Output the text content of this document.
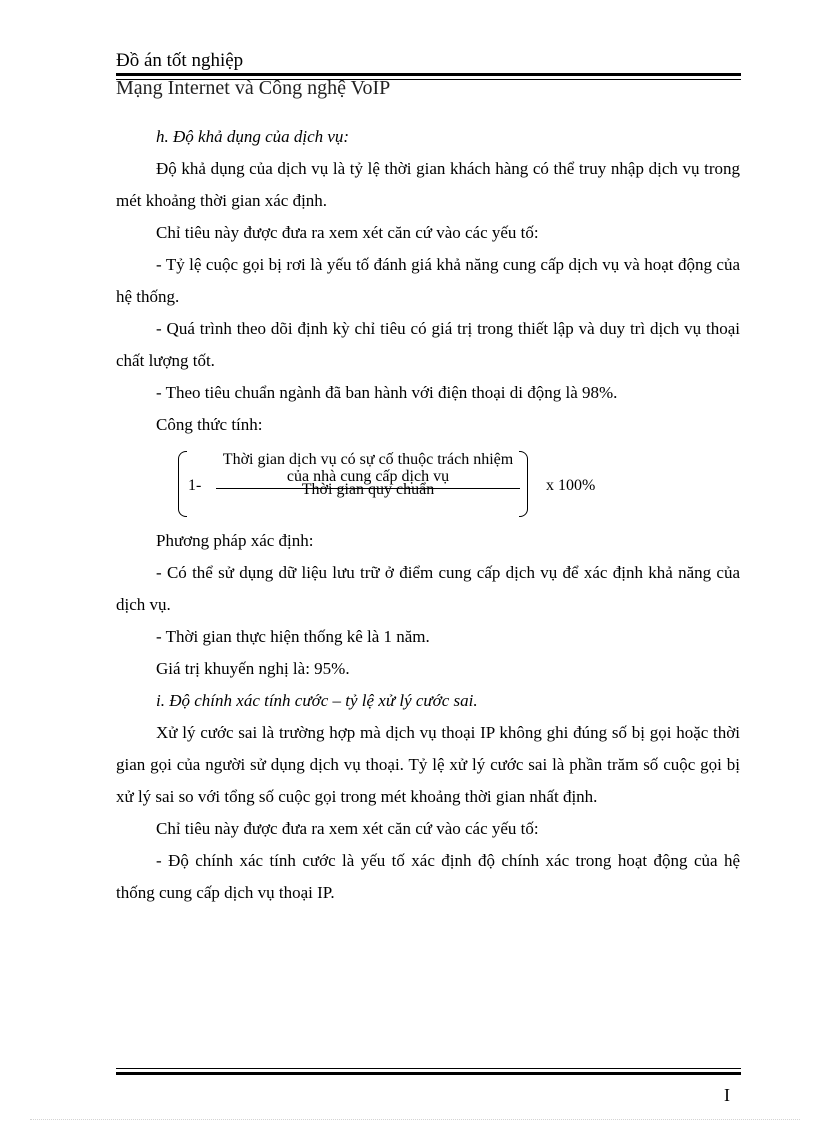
Đồ án tốt nghiệp
Mạng Internet và Công nghệ VoIP

h. Độ khả dụng của dịch vụ:

Độ khả dụng của dịch vụ là tỷ lệ thời gian khách hàng có thể truy nhập dịch vụ trong mét khoảng thời gian xác định.

Chỉ tiêu này được đưa ra xem xét căn cứ vào các yếu tố:

- Tỷ lệ cuộc gọi bị rơi là yếu tố đánh giá khả năng cung cấp dịch vụ và hoạt động của hệ thống.

- Quá trình theo dõi định kỳ chỉ tiêu có giá trị trong thiết lập và duy trì dịch vụ thoại chất lượng tốt.

- Theo tiêu chuẩn ngành đã ban hành với điện thoại di động là 98%.

Công thức tính:

1-
Thời gian dịch vụ có sự cố thuộc trách nhiệm của nhà cung cấp dịch vụ
Thời gian quy chuẩn	x 100%

Phương pháp xác định:

- Có thể sử dụng dữ liệu lưu trữ ở điểm cung cấp dịch vụ để xác định khả năng của dịch vụ.

- Thời gian thực hiện thống kê là 1 năm.

Giá trị khuyến nghị là: 95%.

i. Độ chính xác tính cước – tỷ lệ xử lý cước sai.

Xử lý cước sai là trường hợp mà dịch vụ thoại IP không ghi đúng số bị gọi hoặc thời gian gọi của người sử dụng dịch vụ thoại. Tỷ lệ xử lý cước sai là phần trăm số cuộc gọi bị xử lý sai so với tổng số cuộc gọi trong mét khoảng thời gian nhất định.

Chỉ tiêu này được đưa ra xem xét căn cứ vào các yếu tố:

- Độ chính xác tính cước là yếu tố xác định độ chính xác trong hoạt động của hệ thống cung cấp dịch vụ thoại IP.

I
